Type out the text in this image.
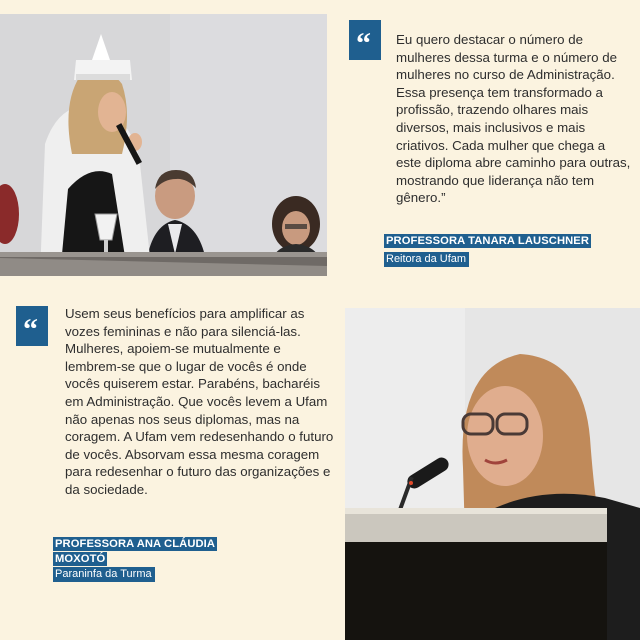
“ Eu quero destacar o número de mulheres dessa turma e o número de mulheres no curso de Administração. Essa presença tem transformado a profissão, trazendo olhares mais diversos, mais inclusivos e mais criativos. Cada mulher que chega a este diploma abre caminho para outras, mostrando que liderança não tem gênero.”
PROFESSORA TANARA LAUSCHNER
Reitora da Ufam
“ Usem seus benefícios para amplificar as vozes femininas e não para silenciá-las. Mulheres, apoiem-se mutualmente e lembrem-se que o lugar de vocês é onde vocês quiserem estar. Parabéns, bacharéis em Administração. Que vocês levem a Ufam não apenas nos seus diplomas, mas na coragem. A Ufam vem redesenhando o futuro de vocês. Absorvam essa mesma coragem para redesenhar o futuro das organizações e da sociedade.
PROFESSORA ANA CLÁUDIA MOXOTÓ
Paraninfa da Turma
